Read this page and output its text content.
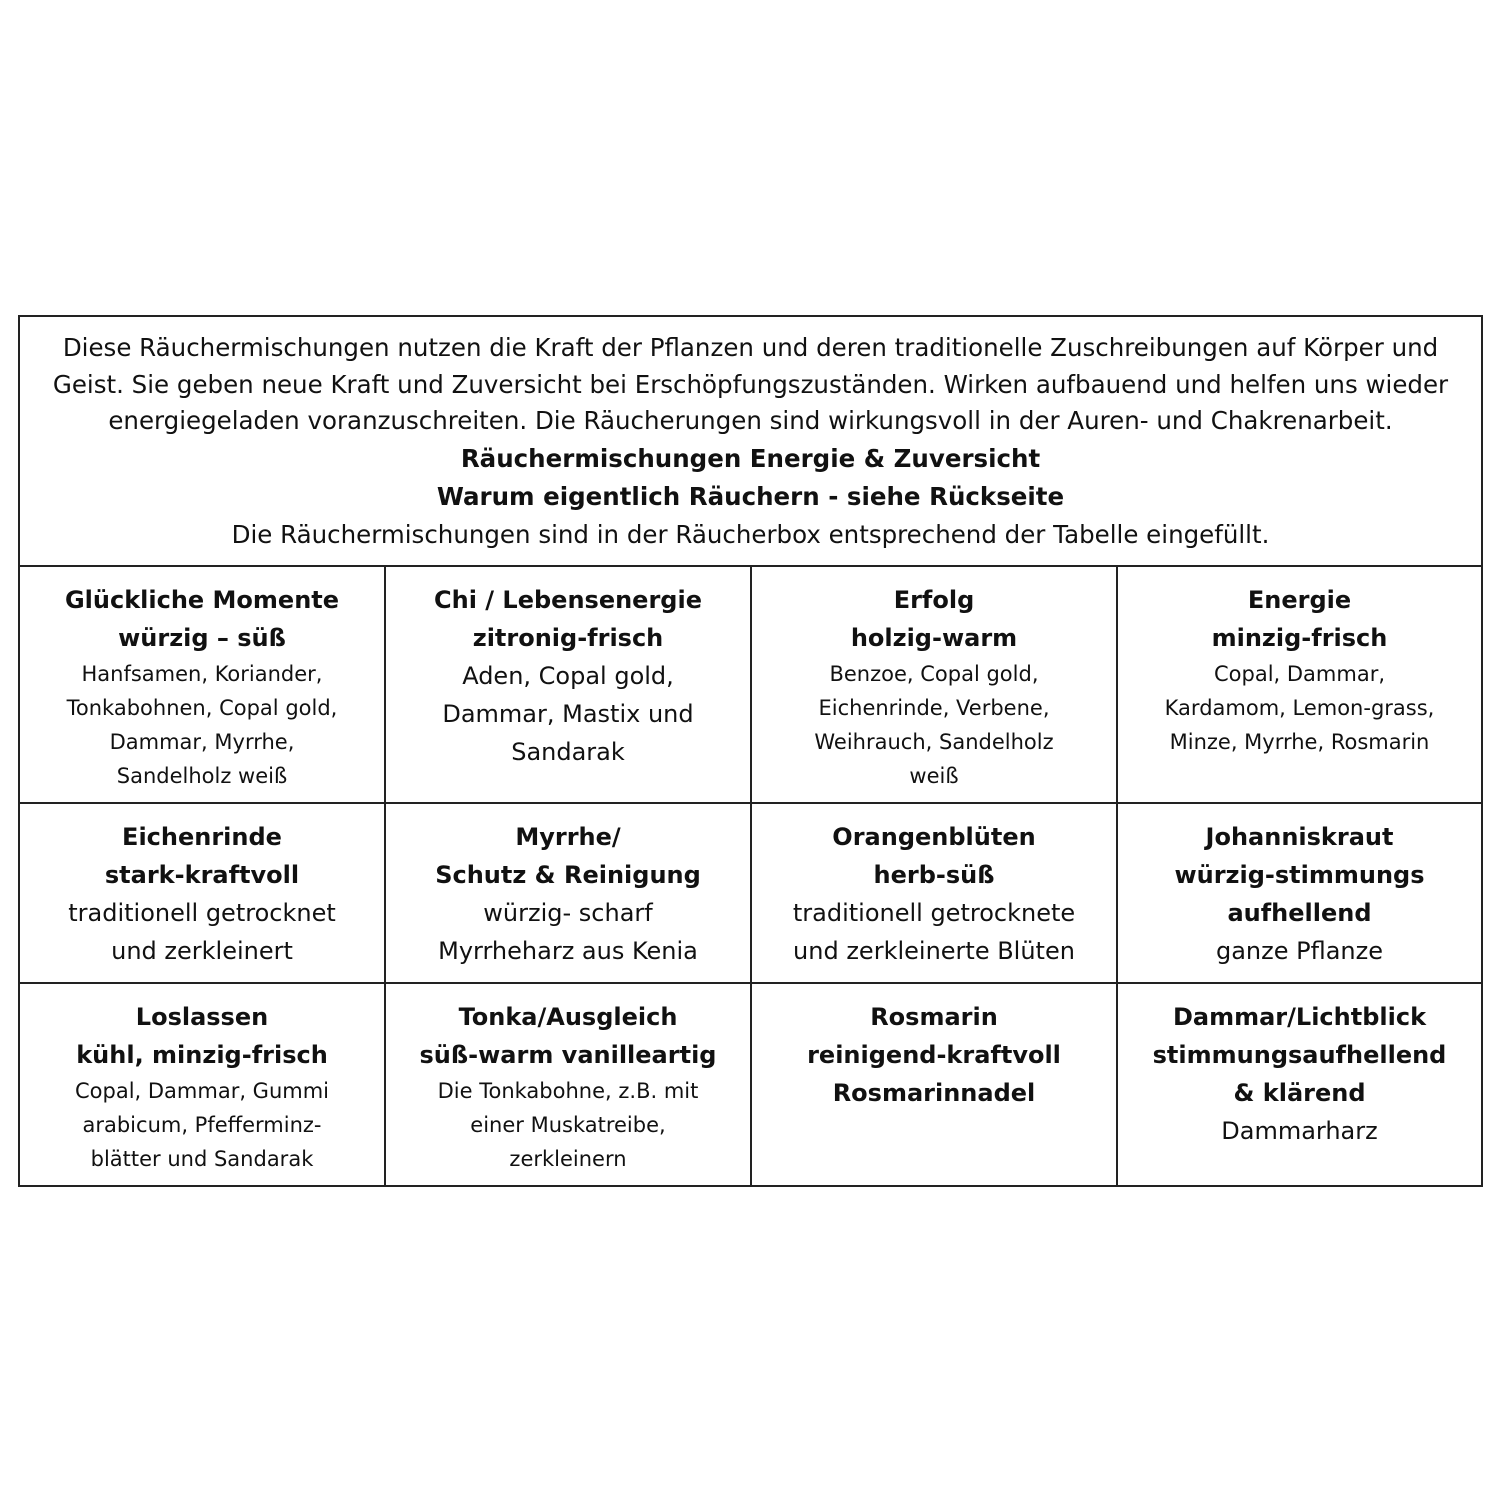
Diese Räuchermischungen nutzen die Kraft der Pflanzen und deren traditionelle Zuschreibungen auf Körper und
Geist. Sie geben neue Kraft und Zuversicht bei Erschöpfungszuständen. Wirken aufbauend und helfen uns wieder
energiegeladen voranzuschreiten. Die Räucherungen sind wirkungsvoll in der Auren- und Chakrenarbeit.
Räuchermischungen Energie & Zuversicht
Warum eigentlich Räuchern - siehe Rückseite
Die Räuchermischungen sind in der Räucherbox entsprechend der Tabelle eingefüllt.
Glückliche Momente
würzig – süß
Hanfsamen, Koriander,
Tonkabohnen, Copal gold,
Dammar, Myrrhe,
Sandelholz weiß
Chi / Lebensenergie
zitronig-frisch
Aden, Copal gold,
Dammar, Mastix und
Sandarak
Erfolg
holzig-warm
Benzoe, Copal gold,
Eichenrinde, Verbene,
Weihrauch, Sandelholz
weiß
Energie
minzig-frisch
Copal, Dammar,
Kardamom, Lemon-grass,
Minze, Myrrhe, Rosmarin
Eichenrinde
stark-kraftvoll
traditionell getrocknet
und zerkleinert
Myrrhe/
Schutz & Reinigung
würzig- scharf
Myrrheharz aus Kenia
Orangenblüten
herb-süß
traditionell getrocknete
und zerkleinerte Blüten
Johanniskraut
würzig-stimmungs
aufhellend
ganze Pflanze
Loslassen
kühl, minzig-frisch
Copal, Dammar, Gummi
arabicum, Pfefferminz-
blätter und Sandarak
Tonka/Ausgleich
süß-warm vanilleartig
Die Tonkabohne, z.B. mit
einer Muskatreibe,
zerkleinern
Rosmarin
reinigend-kraftvoll
Rosmarinnadel
Dammar/Lichtblick
stimmungsaufhellend
& klärend
Dammarharz
